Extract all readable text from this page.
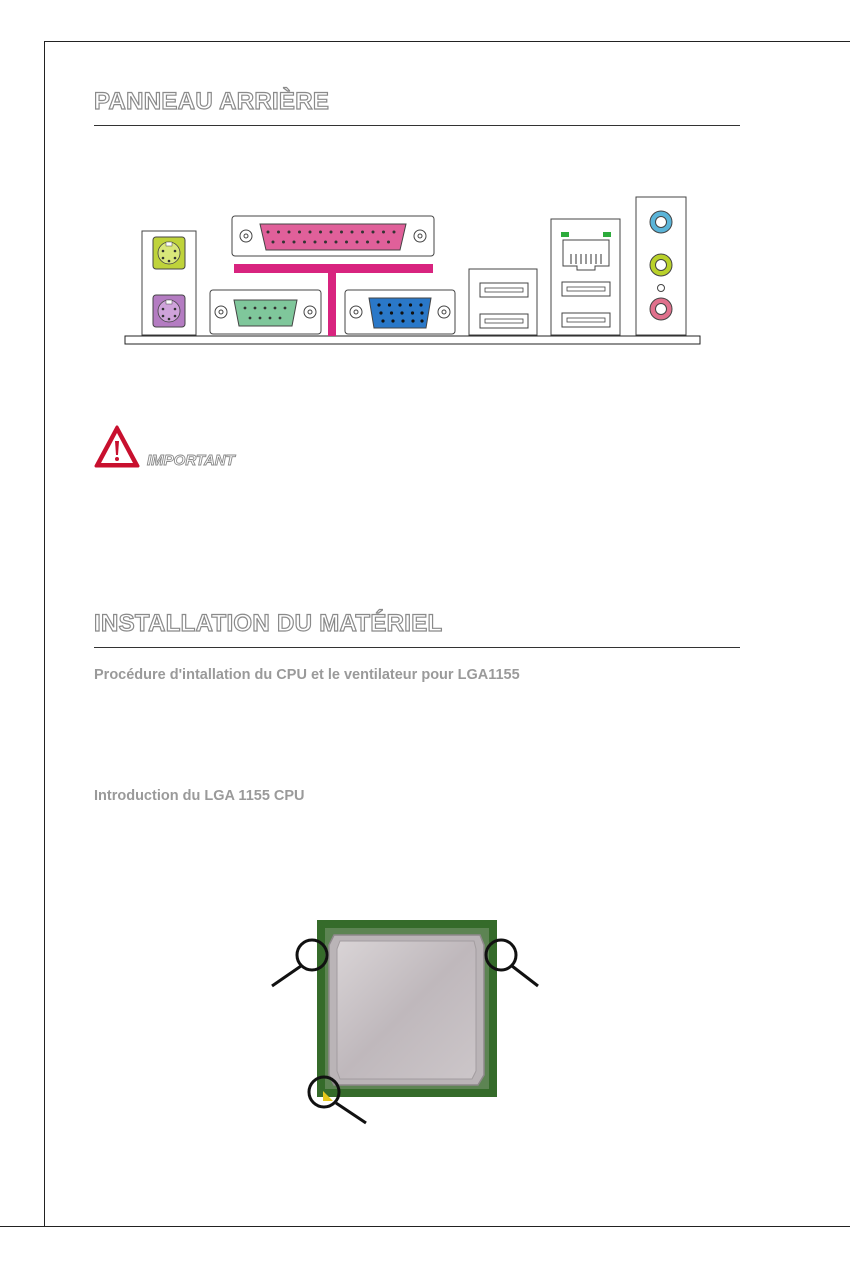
PANNEAU ARRIÈRE
IMPORTANT
INSTALLATION DU MATÉRIEL
Procédure d'intallation du CPU et le ventilateur pour LGA1155
Introduction du LGA 1155 CPU
